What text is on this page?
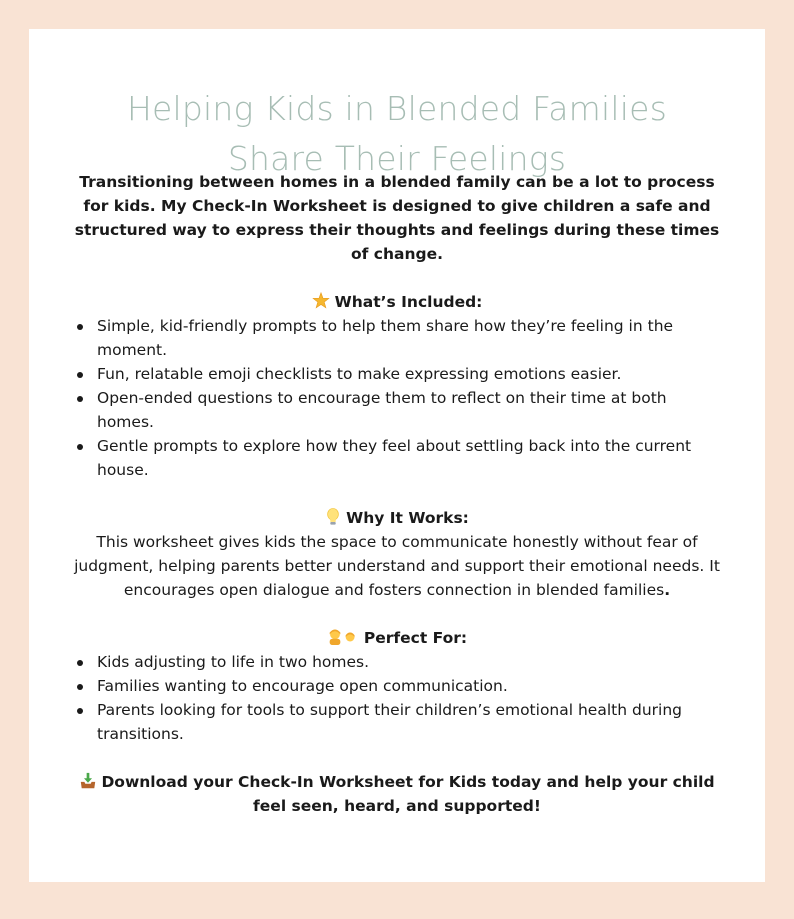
Helping Kids in Blended Families
Share Their Feelings

Transitioning between homes in a blended family can be a lot to process for kids. My Check-In Worksheet is designed to give children a safe and structured way to express their thoughts and feelings during these times of change.

What’s Included:
Simple, kid-friendly prompts to help them share how they’re feeling in the moment.
Fun, relatable emoji checklists to make expressing emotions easier.
Open-ended questions to encourage them to reflect on their time at both homes.
Gentle prompts to explore how they feel about settling back into the current house.
Why It Works:

This worksheet gives kids the space to communicate honestly without fear of judgment, helping parents better understand and support their emotional needs. It encourages open dialogue and fosters connection in blended families.

Perfect For:
Kids adjusting to life in two homes.
Families wanting to encourage open communication.
Parents looking for tools to support their children’s emotional health during transitions.

Download your Check-In Worksheet for Kids today and help your child feel seen, heard, and supported!
